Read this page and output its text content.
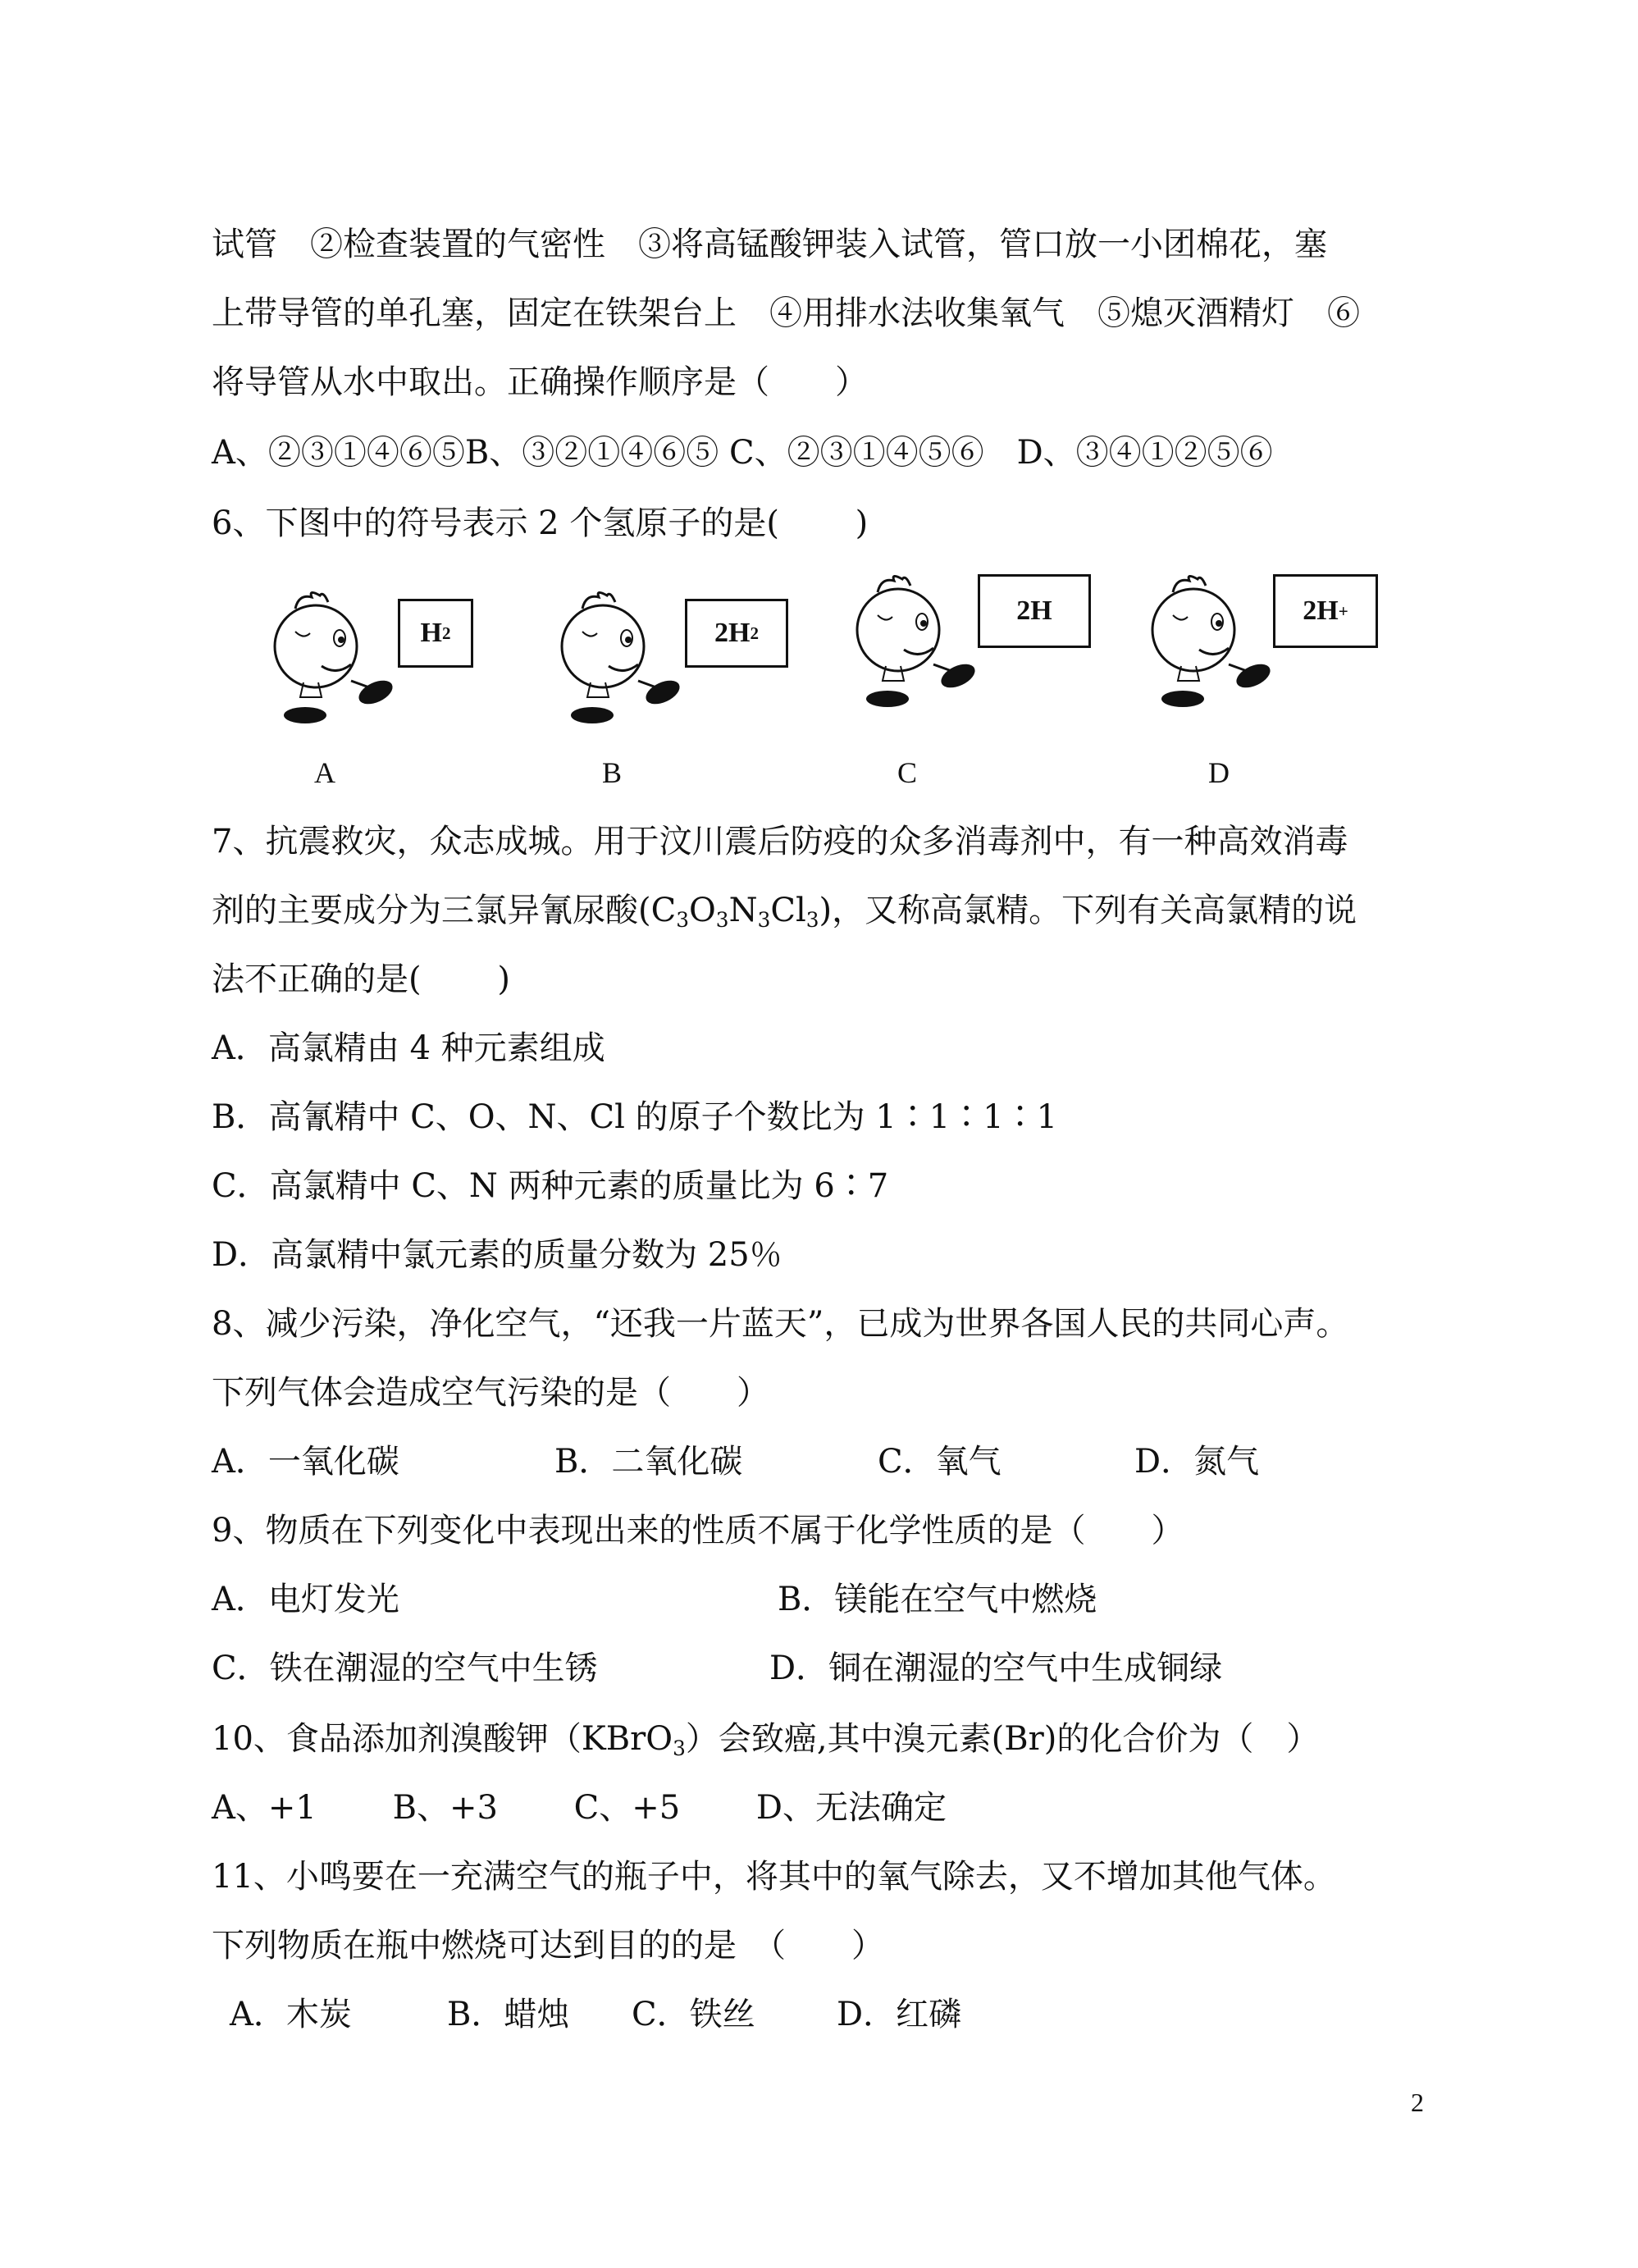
试管　②检查装置的气密性　③将高锰酸钾装入试管，管口放一小团棉花，塞
上带导管的单孔塞，固定在铁架台上　④用排水法收集氧气　⑤熄灭酒精灯　⑥
将导管从水中取出。正确操作顺序是（　　）
A、②③①④⑥⑤B、③②①④⑥⑤ C、②③①④⑤⑥　D、③④①②⑤⑥
6、下图中的符号表示 2 个氢原子的是(　　 )
H 2
A
2H 2
B
2H
C
2H +
D
7、抗震救灾，众志成城。用于汶川震后防疫的众多消毒剂中，有一种高效消毒
剂的主要成分为三氯异氰尿酸$(C_3O_3N_3Cl_3)$，又称高氯精。下列有关高氯精的说
法不正确的是(　　 )
A．高氯精由 4 种元素组成
B．高氰精中 C、O、N、Cl 的原子个数比为 1∶1∶1∶1
C．高氯精中 C、N 两种元素的质量比为 6∶7
D．高氯精中氯元素的质量分数为 25％
8、减少污染，净化空气，“还我一片蓝天”，已成为世界各国人民的共同心声。
下列气体会造成空气污染的是（　　）
A．一氧化碳	B．二氧化碳	C．氧气	D．氮气
9、物质在下列变化中表现出来的性质不属于化学性质的是（　　）
A．电灯发光	B．镁能在空气中燃烧
C．铁在潮湿的空气中生锈	D．铜在潮湿的空气中生成铜绿
10、食品添加剂溴酸钾（KBrO$_3$）会致癌,其中溴元素(Br)的化合价为（　）
A、+1　　 B、+3　　 C、+5　　 D、无法确定
11、小鸣要在一充满空气的瓶子中，将其中的氧气除去，又不增加其他气体。
下列物质在瓶中燃烧可达到目的的是　（　　）
A．木炭	B．蜡烛 C．铁丝 D．红磷
2
